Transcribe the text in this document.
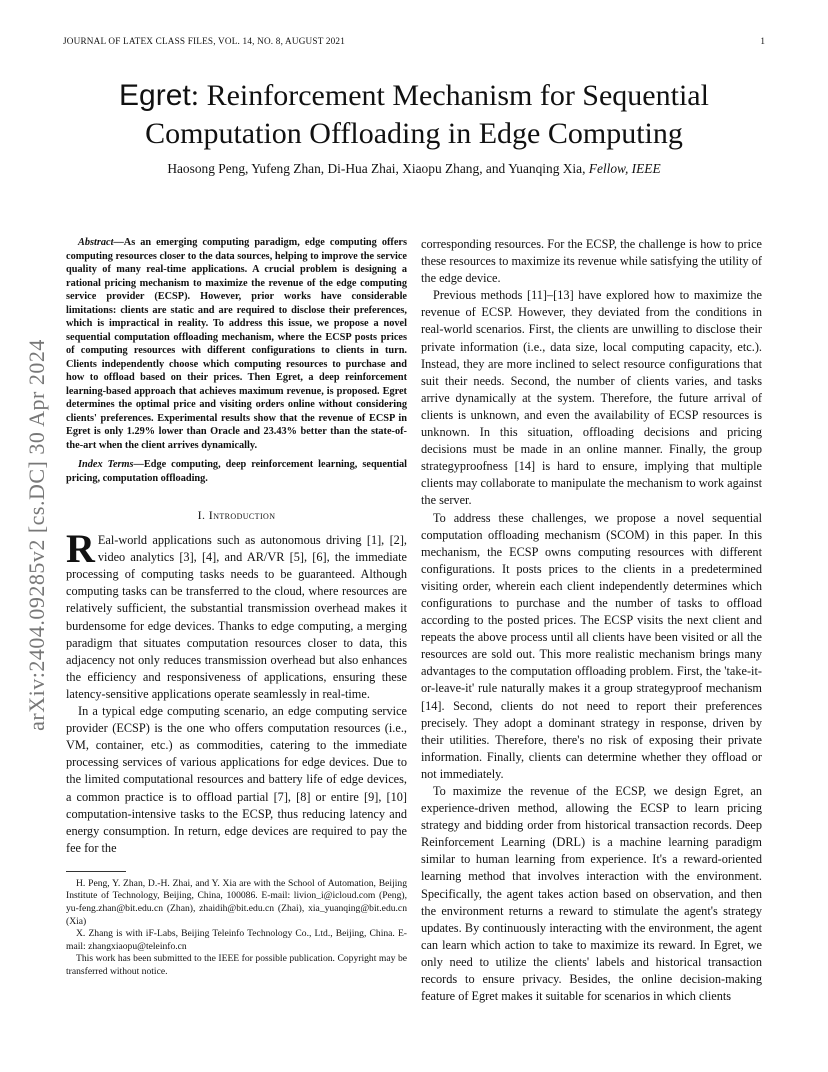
JOURNAL OF LATEX CLASS FILES, VOL. 14, NO. 8, AUGUST 2021	1
Egret: Reinforcement Mechanism for Sequential Computation Offloading in Edge Computing
Haosong Peng, Yufeng Zhan, Di-Hua Zhai, Xiaopu Zhang, and Yuanqing Xia, Fellow, IEEE
arXiv:2404.09285v2 [cs.DC] 30 Apr 2024

Abstract—As an emerging computing paradigm, edge computing offers computing resources closer to the data sources, helping to improve the service quality of many real-time applications. A crucial problem is designing a rational pricing mechanism to maximize the revenue of the edge computing service provider (ECSP). However, prior works have considerable limitations: clients are static and are required to disclose their preferences, which is impractical in reality. To address this issue, we propose a novel sequential computation offloading mechanism, where the ECSP posts prices of computing resources with different configurations to clients in turn. Clients independently choose which computing resources to purchase and how to offload based on their prices. Then Egret, a deep reinforcement learning-based approach that achieves maximum revenue, is proposed. Egret determines the optimal price and visiting orders online without considering clients' preferences. Experimental results show that the revenue of ECSP in Egret is only 1.29% lower than Oracle and 23.43% better than the state-of-the-art when the client arrives dynamically.

Index Terms—Edge computing, deep reinforcement learning, sequential pricing, computation offloading.

I. Introduction

R Eal-world applications such as autonomous driving [1], [2], video analytics [3], [4], and AR/VR [5], [6], the immediate processing of computing tasks needs to be guaranteed. Although computing tasks can be transferred to the cloud, where resources are relatively sufficient, the substantial transmission overhead makes it burdensome for edge devices. Thanks to edge computing, a merging paradigm that situates computation resources closer to data, this adjacency not only reduces transmission overhead but also enhances the efficiency and responsiveness of applications, ensuring these latency-sensitive applications operate seamlessly in real-time.

In a typical edge computing scenario, an edge computing service provider (ECSP) is the one who offers computation resources (i.e., VM, container, etc.) as commodities, catering to the immediate processing services of various applications for edge devices. Due to the limited computational resources and battery life of edge devices, a common practice is to offload partial [7], [8] or entire [9], [10] computation-intensive tasks to the ECSP, thus reducing latency and energy consumption. In return, edge devices are required to pay the fee for the

H. Peng, Y. Zhan, D.-H. Zhai, and Y. Xia are with the School of Automation, Beijing Institute of Technology, Beijing, China, 100086. E-mail: livion_i@icloud.com (Peng), yu-feng.zhan@bit.edu.cn (Zhan), zhaidih@bit.edu.cn (Zhai), xia_yuanqing@bit.edu.cn (Xia)

X. Zhang is with iF-Labs, Beijing Teleinfo Technology Co., Ltd., Beijing, China. E-mail: zhangxiaopu@teleinfo.cn

This work has been submitted to the IEEE for possible publication. Copyright may be transferred without notice.

corresponding resources. For the ECSP, the challenge is how to price these resources to maximize its revenue while satisfying the utility of the edge device.

Previous methods [11]–[13] have explored how to maximize the revenue of ECSP. However, they deviated from the conditions in real-world scenarios. First, the clients are unwilling to disclose their private information (i.e., data size, local computing capacity, etc.). Instead, they are more inclined to select resource configurations that suit their needs. Second, the number of clients varies, and tasks arrive dynamically at the system. Therefore, the future arrival of clients is unknown, and even the availability of ECSP resources is unknown. In this situation, offloading decisions and pricing decisions must be made in an online manner. Finally, the group strategyproofness [14] is hard to ensure, implying that multiple clients may collaborate to manipulate the mechanism to work against the server.

To address these challenges, we propose a novel sequential computation offloading mechanism (SCOM) in this paper. In this mechanism, the ECSP owns computing resources with different configurations. It posts prices to the clients in a predetermined visiting order, wherein each client independently determines which configurations to purchase and the number of tasks to offload according to the posted prices. The ECSP visits the next client and repeats the above process until all clients have been visited or all the resources are sold out. This more realistic mechanism brings many advantages to the computation offloading problem. First, the 'take-it-or-leave-it' rule naturally makes it a group strategyproof mechanism [14]. Second, clients do not need to report their preferences precisely. They adopt a dominant strategy in response, driven by their utilities. Therefore, there's no risk of exposing their private information. Finally, clients can determine whether they offload or not immediately.

To maximize the revenue of the ECSP, we design Egret, an experience-driven method, allowing the ECSP to learn pricing strategy and bidding order from historical transaction records. Deep Reinforcement Learning (DRL) is a machine learning paradigm similar to human learning from experience. It's a reward-oriented learning method that involves interaction with the environment. Specifically, the agent takes action based on observation, and then the environment returns a reward to stimulate the agent's strategy updates. By continuously interacting with the environment, the agent can learn which action to take to maximize its reward. In Egret, we only need to utilize the clients' labels and historical transaction records to ensure privacy. Besides, the online decision-making feature of Egret makes it suitable for scenarios in which clients
